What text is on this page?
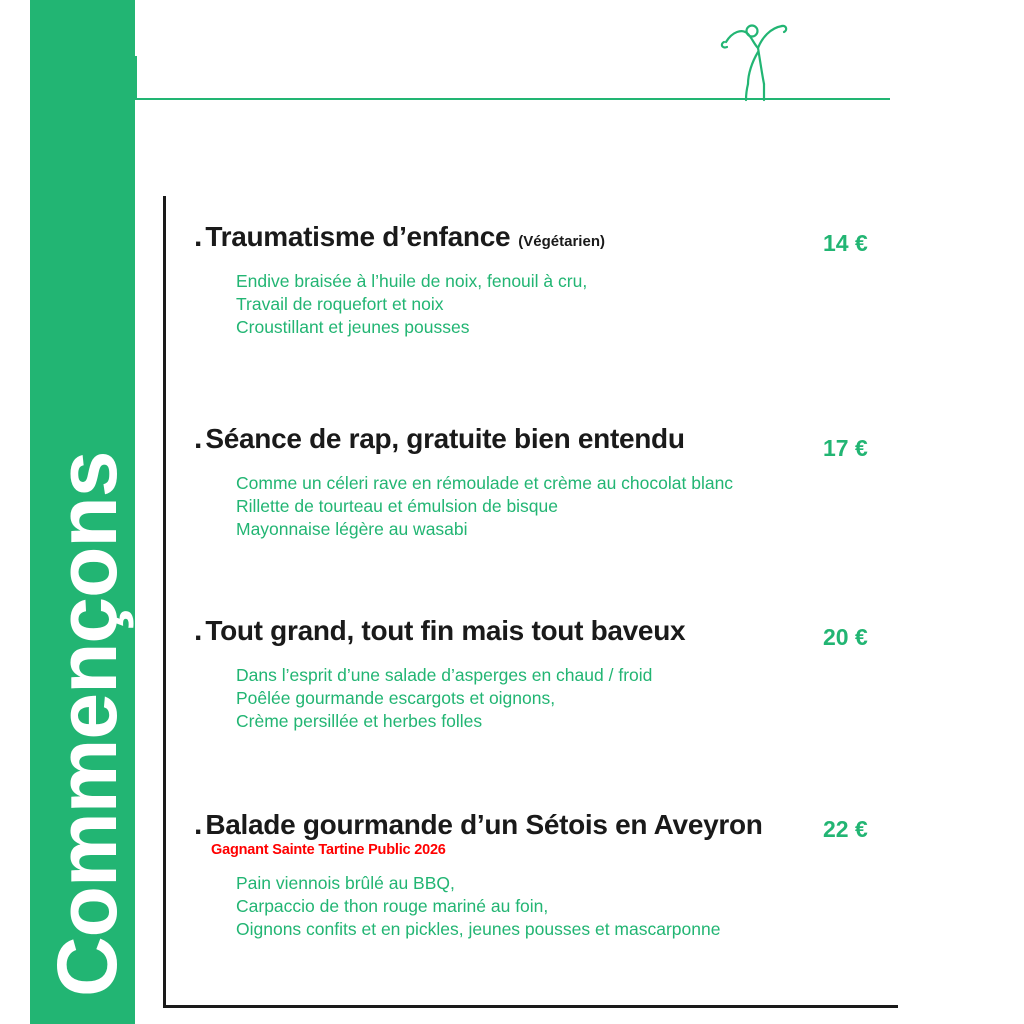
Commençons
. Traumatisme d’enfance (Végétarien)	14 €
Endive braisée à l’huile de noix, fenouil à cru,
Travail de roquefort et noix
Croustillant et jeunes pousses
. Séance de rap, gratuite bien entendu	17 €
Comme un céleri rave en rémoulade et crème au chocolat blanc
Rillette de tourteau et émulsion de bisque
Mayonnaise légère au wasabi
. Tout grand, tout fin mais tout baveux	20 €
Dans l’esprit d’une salade d’asperges en chaud / froid
Poêlée gourmande escargots et oignons,
Crème persillée et herbes folles
. Balade gourmande d’un Sétois en Aveyron	22 €
Gagnant Sainte Tartine Public 2026
Pain viennois brûlé au BBQ,
Carpaccio de thon rouge mariné au foin,
Oignons confits et en pickles, jeunes pousses et mascarponne
